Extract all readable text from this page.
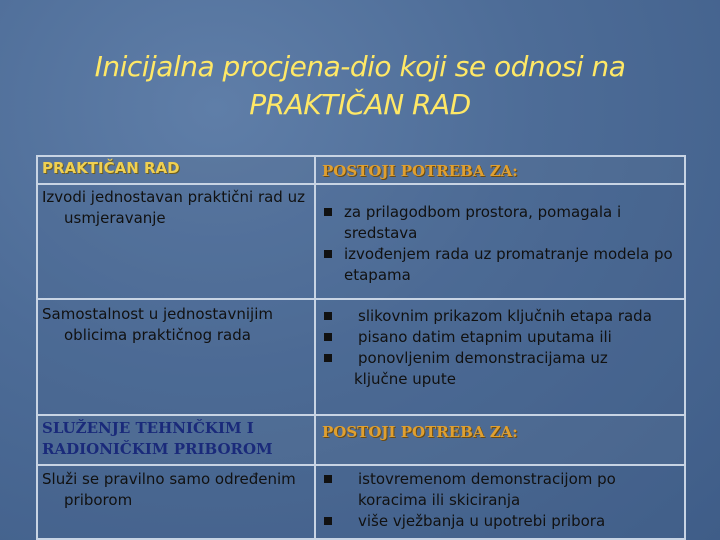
Inicijalna procjena-dio koji se odnosi na
PRAKTIČAN RAD
PRAKTIČAN RAD	POSTOJI POTREBA ZA:
Izvodi jednostavan praktični rad uz usmjeravanje	za prilagodbom prostora, pomagala i sredstava
izvođenjem rada uz promatranje modela po etapama
Samostalnost u jednostavnijim oblicima praktičnog rada
slikovnim prikazom ključnih etapa rada
pisano datim etapnim uputama ili
ponovljenim demonstracijama uz
ključne upute
SLUŽENJE TEHNIČKIM I RADIONIČKIM PRIBOROM
POSTOJI POTREBA ZA:
Služi se pravilno samo određenim priborom
istovremenom demonstracijom po koracima ili skiciranja
više vježbanja u upotrebi pribora
